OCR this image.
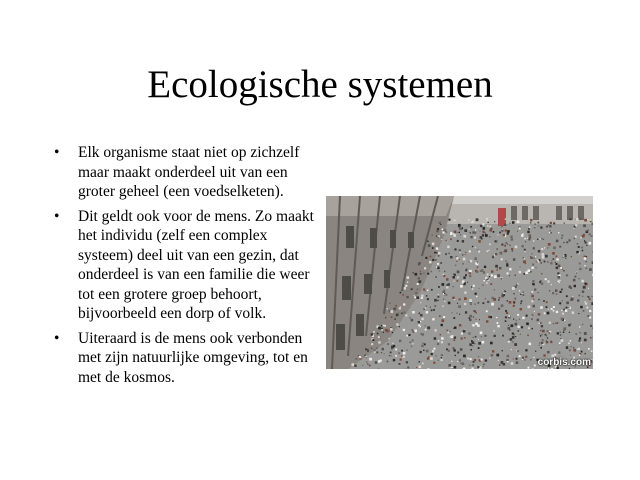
Ecologische systemen
• Elk organisme staat niet op zichzelf maar maakt onderdeel uit van een groter geheel (een voedselketen).
• Dit geldt ook voor de mens. Zo maakt het individu (zelf een complex systeem) deel uit van een gezin, dat onderdeel is van een familie die weer tot een grotere groep behoort, bijvoorbeeld een dorp of volk.
• Uiteraard is de mens ook verbonden met zijn natuurlijke omgeving, tot en met de kosmos.
corbis.com
